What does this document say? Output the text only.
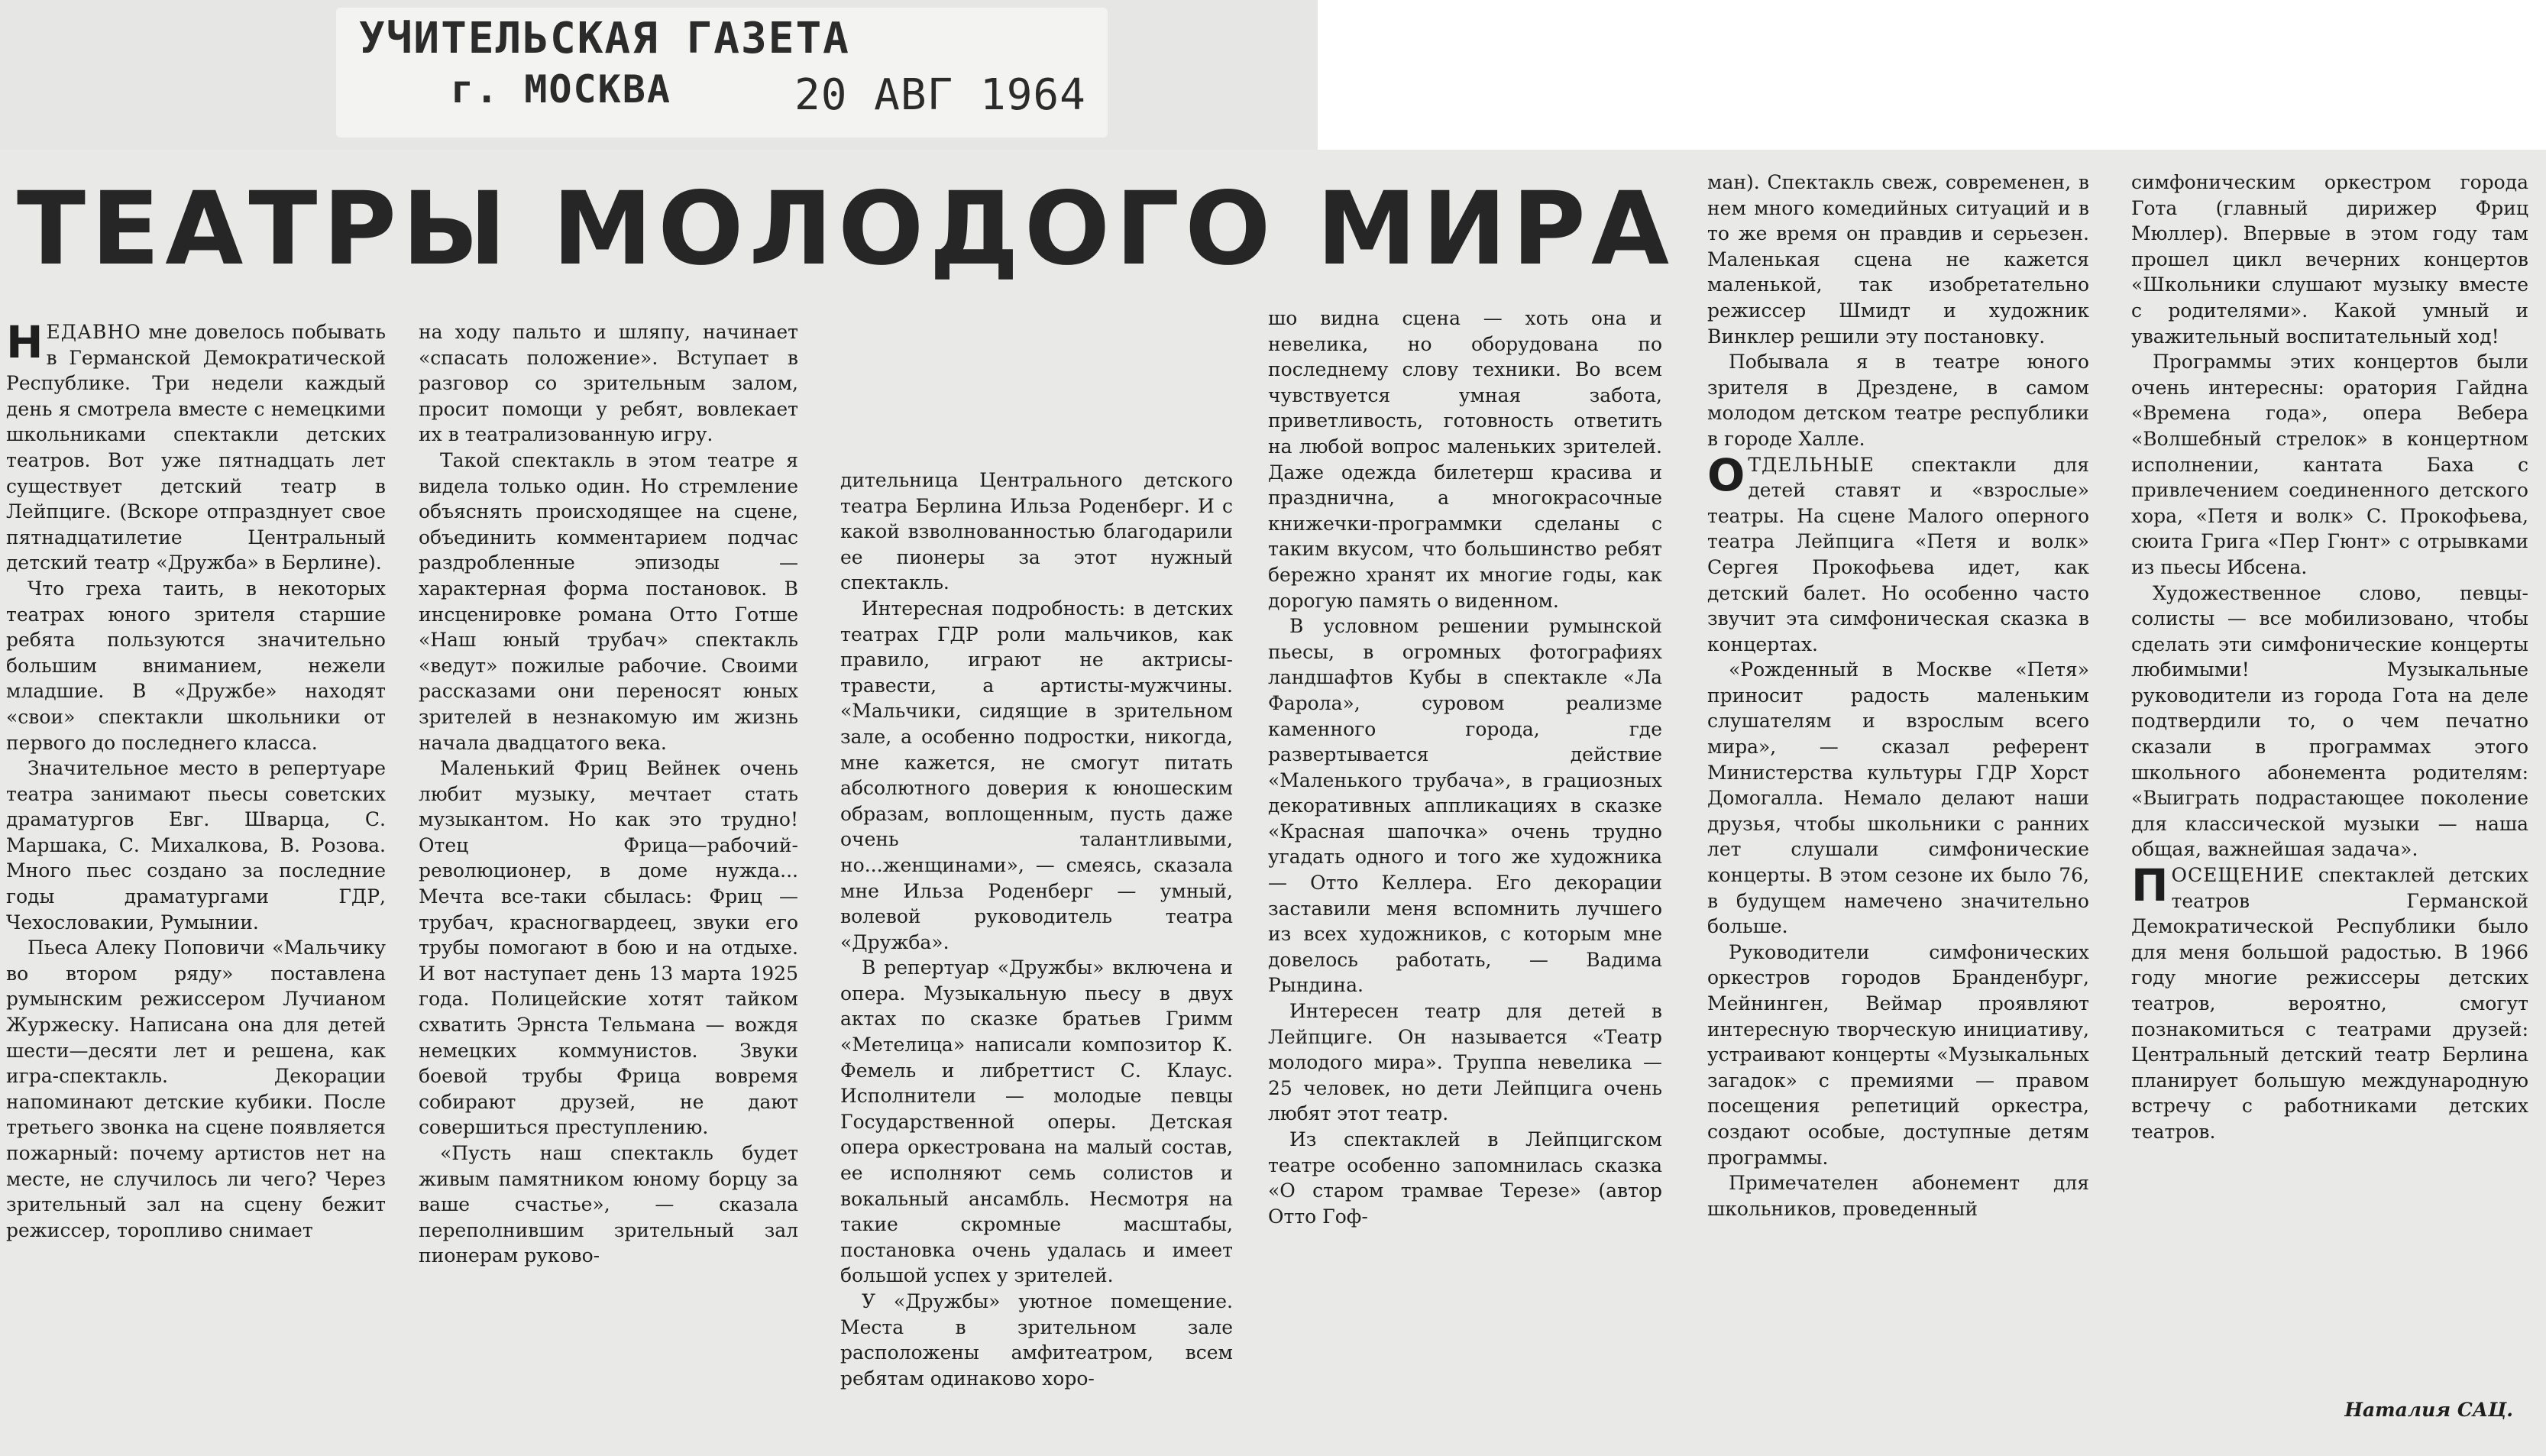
УЧИТЕЛЬСКАЯ ГАЗЕТА
г. МОСКВА	20 АВГ 1964
ТЕАТРЫ МОЛОДОГО МИРА

НЕДАВНО мне довелось побывать в Германской Демократической Республике. Три недели каждый день я смотрела вместе с немецкими школьниками спектакли детских театров. Вот уже пятнадцать лет существует детский театр в Лейпциге. (Вскоре отпразднует свое пятнадцатилетие Центральный детский театр «Дружба» в Берлине).

Что греха таить, в некоторых театрах юного зрителя старшие ребята пользуются значительно большим вниманием, нежели младшие. В «Дружбе» находят «свои» спектакли школьники от первого до последнего класса.

Значительное место в репертуаре театра занимают пьесы советских драматургов Евг. Шварца, С. Маршака, С. Михалкова, В. Розова. Много пьес создано за последние годы драматургами ГДР, Чехословакии, Румынии.

Пьеса Алеку Поповичи «Мальчику во втором ряду» поставлена румынским режиссером Лучианом Журжеску. Написана она для детей шести—десяти лет и решена, как игра-спектакль. Декорации напоминают детские кубики. После третьего звонка на сцене появляется пожарный: почему артистов нет на месте, не случилось ли чего? Через зрительный зал на сцену бежит режиссер, торопливо снимает

на ходу пальто и шляпу, начинает «спасать положение». Вступает в разговор со зрительным залом, просит помощи у ребят, вовлекает их в театрализованную игру.

Такой спектакль в этом театре я видела только один. Но стремление объяснять происходящее на сцене, объединить комментарием подчас раздробленные эпизоды — характерная форма постановок. В инсценировке романа Отто Готше «Наш юный трубач» спектакль «ведут» пожилые рабочие. Своими рассказами они переносят юных зрителей в незнакомую им жизнь начала двадцатого века.

Маленький Фриц Вейнек очень любит музыку, мечтает стать музыкантом. Но как это трудно! Отец Фрица—рабочий-революционер, в доме нужда... Мечта все-таки сбылась: Фриц — трубач, красногвардеец, звуки его трубы помогают в бою и на отдыхе. И вот наступает день 13 марта 1925 года. Полицейские хотят тайком схватить Эрнста Тельмана — вождя немецких коммунистов. Звуки боевой трубы Фрица вовремя собирают друзей, не дают совершиться преступлению.

«Пусть наш спектакль будет живым памятником юному борцу за ваше счастье», — сказала переполнившим зрительный зал пионерам руково-

дительница Центрального детского театра Берлина Ильза Роденберг. И с какой взволнованностью благодарили ее пионеры за этот нужный спектакль.

Интересная подробность: в детских театрах ГДР роли мальчиков, как правило, играют не актрисы-травести, а артисты-мужчины. «Мальчики, сидящие в зрительном зале, а особенно подростки, никогда, мне кажется, не смогут питать абсолютного доверия к юношеским образам, воплощенным, пусть даже очень талантливыми, но...женщинами», — смеясь, сказала мне Ильза Роденберг — умный, волевой руководитель театра «Дружба».

В репертуар «Дружбы» включена и опера. Музыкальную пьесу в двух актах по сказке братьев Гримм «Метелица» написали композитор К. Фемель и либреттист С. Клаус. Исполнители — молодые певцы Государственной оперы. Детская опера оркестрована на малый состав, ее исполняют семь солистов и вокальный ансамбль. Несмотря на такие скромные масштабы, постановка очень удалась и имеет большой успех у зрителей.

У «Дружбы» уютное помещение. Места в зрительном зале расположены амфитеатром, всем ребятам одинаково хоро-

шо видна сцена — хоть она и невелика, но оборудована по последнему слову техники. Во всем чувствуется умная забота, приветливость, готовность ответить на любой вопрос маленьких зрителей. Даже одежда билетерш красива и празднична, а многокрасочные книжечки-программки сделаны с таким вкусом, что большинство ребят бережно хранят их многие годы, как дорогую память о виденном.

В условном решении румынской пьесы, в огромных фотографиях ландшафтов Кубы в спектакле «Ла Фарола», суровом реализме каменного города, где развертывается действие «Маленького трубача», в грациозных декоративных аппликациях в сказке «Красная шапочка» очень трудно угадать одного и того же художника — Отто Келлера. Его декорации заставили меня вспомнить лучшего из всех художников, с которым мне довелось работать, — Вадима Рындина.

Интересен театр для детей в Лейпциге. Он называется «Театр молодого мира». Труппа невелика — 25 человек, но дети Лейпцига очень любят этот театр.

Из спектаклей в Лейпцигском театре особенно запомнилась сказка «О старом трамвае Терезе» (автор Отто Гоф-

ман). Спектакль свеж, современен, в нем много комедийных ситуаций и в то же время он правдив и серьезен. Маленькая сцена не кажется маленькой, так изобретательно режиссер Шмидт и художник Винклер решили эту постановку.

Побывала я в театре юного зрителя в Дрездене, в самом молодом детском театре республики в городе Халле.

ОТДЕЛЬНЫЕ спектакли для детей ставят и «взрослые» театры. На сцене Малого оперного театра Лейпцига «Петя и волк» Сергея Прокофьева идет, как детский балет. Но особенно часто звучит эта симфоническая сказка в концертах.

«Рожденный в Москве «Петя» приносит радость маленьким слушателям и взрослым всего мира», — сказал референт Министерства культуры ГДР Хорст Домогалла. Немало делают наши друзья, чтобы школьники с ранних лет слушали симфонические концерты. В этом сезоне их было 76, в будущем намечено значительно больше.

Руководители симфонических оркестров городов Бранденбург, Мейнинген, Веймар проявляют интересную творческую инициативу, устраивают концерты «Музыкальных загадок» с премиями — правом посещения репетиций оркестра, создают особые, доступные детям программы.

Примечателен абонемент для школьников, проведенный

симфоническим оркестром города Гота (главный дирижер Фриц Мюллер). Впервые в этом году там прошел цикл вечерних концертов «Школьники слушают музыку вместе с родителями». Какой умный и уважительный воспитательный ход!

Программы этих концертов были очень интересны: оратория Гайдна «Времена года», опера Вебера «Волшебный стрелок» в концертном исполнении, кантата Баха с привлечением соединенного детского хора, «Петя и волк» С. Прокофьева, сюита Грига «Пер Гюнт» с отрывками из пьесы Ибсена.

Художественное слово, певцы-солисты — все мобилизовано, чтобы сделать эти симфонические концерты любимыми! Музыкальные руководители из города Гота на деле подтвердили то, о чем печатно сказали в программах этого школьного абонемента родителям: «Выиграть подрастающее поколение для классической музыки — наша общая, важнейшая задача».

ПОСЕЩЕНИЕ спектаклей детских театров Германской Демократической Республики было для меня большой радостью. В 1966 году многие режиссеры детских театров, вероятно, смогут познакомиться с театрами друзей: Центральный детский театр Берлина планирует большую международную встречу с работниками детских театров.

Наталия САЦ.
